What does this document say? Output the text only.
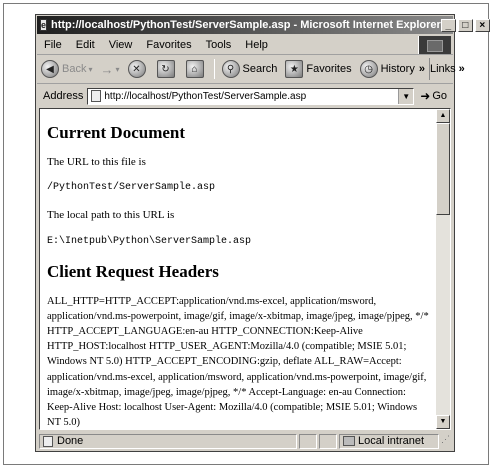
e http://localhost/PythonTest/ServerSample.asp - Microsoft Internet Explorer _	□	×
File	Edit	View	Favorites	Tools	Help
◀ Back ▾ → ▾	✕	↻	⌂	⚲ Search	★ Favorites	◷ History » Links »
Address	http://localhost/PythonTest/ServerSample.asp	▼ ➜ Go
Current Document

The URL to this file is

/PythonTest/ServerSample.asp

The local path to this URL is

E:\Inetpub\Python\ServerSample.asp

Client Request Headers

ALL_HTTP=HTTP_ACCEPT:application/vnd.ms-excel, application/msword, application/vnd.ms-powerpoint, image/gif, image/x-xbitmap, image/jpeg, image/pjpeg, */* HTTP_ACCEPT_LANGUAGE:en-au HTTP_CONNECTION:Keep-Alive HTTP_HOST:localhost HTTP_USER_AGENT:Mozilla/4.0 (compatible; MSIE 5.01; Windows NT 5.0) HTTP_ACCEPT_ENCODING:gzip, deflate ALL_RAW=Accept: application/vnd.ms-excel, application/msword, application/vnd.ms-powerpoint, image/gif, image/x-xbitmap, image/jpeg, image/pjpeg, */* Accept-Language: en-au Connection: Keep-Alive Host: localhost User-Agent: Mozilla/4.0 (compatible; MSIE 5.01; Windows NT 5.0)

▲
▼
Done	Local intranet ⋰
